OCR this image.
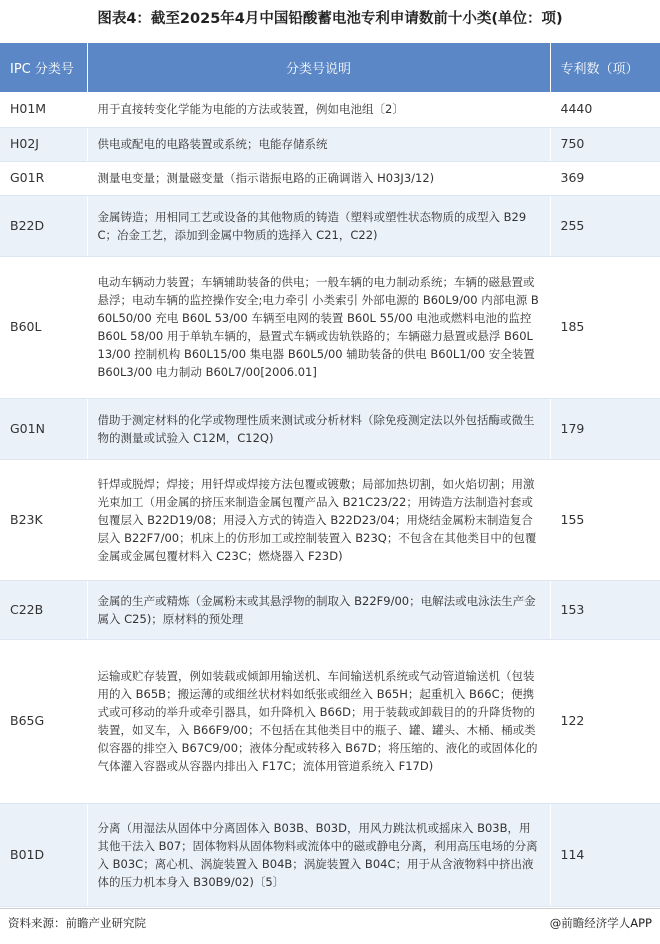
图表4：截至2025年4月中国铅酸蓄电池专利申请数前十小类(单位：项)
IPC 分类号	分类号说明	专利数（项）
H01M	用于直接转变化学能为电能的方法或装置，例如电池组〔2〕	4440
H02J	供电或配电的电路装置或系统；电能存储系统	750
G01R	测量电变量；测量磁变量（指示谐振电路的正确调谐入 H03J3/12)	369
B22D	金属铸造；用相同工艺或设备的其他物质的铸造（塑料或塑性状态物质的成型入 B29C；冶金工艺，添加到金属中物质的选择入 C21，C22)	255
B60L	电动车辆动力装置；车辆辅助装备的供电；一般车辆的电力制动系统；车辆的磁悬置或悬浮；电动车辆的监控操作安全;电力牵引 小类索引 外部电源的 B60L9/00 内部电源 B60L50/00 充电 B60L 53/00 车辆至电网的装置 B60L 55/00 电池或燃料电池的监控 B60L 58/00 用于单轨车辆的，悬置式车辆或齿轨铁路的；车辆磁力悬置或悬浮 B60L13/00 控制机构 B60L15/00 集电器 B60L5/00 辅助装备的供电 B60L1/00 安全装置 B60L3/00 电力制动 B60L7/00[2006.01]	185
G01N	借助于测定材料的化学或物理性质来测试或分析材料（除免疫测定法以外包括酶或微生物的测量或试验入 C12M，C12Q)	179
B23K	钎焊或脱焊；焊接；用钎焊或焊接方法包覆或镀敷；局部加热切割，如火焰切割；用激光束加工（用金属的挤压来制造金属包覆产品入 B21C23/22；用铸造方法制造衬套或包覆层入 B22D19/08；用浸入方式的铸造入 B22D23/04；用烧结金属粉末制造复合层入 B22F7/00；机床上的仿形加工或控制装置入 B23Q；不包含在其他类目中的包覆金属或金属包覆材料入 C23C；燃烧器入 F23D)	155
C22B	金属的生产或精炼（金属粉末或其悬浮物的制取入 B22F9/00；电解法或电泳法生产金属入 C25)；原材料的预处理	153
B65G	运输或贮存装置，例如装载或倾卸用输送机、车间输送机系统或气动管道输送机（包装用的入 B65B；搬运薄的或细丝状材料如纸张或细丝入 B65H；起重机入 B66C；便携式或可移动的举升或牵引器具，如升降机入 B66D；用于装载或卸载目的的升降货物的装置，如叉车，入 B66F9/00；不包括在其他类目中的瓶子、罐、罐头、木桶、桶或类似容器的排空入 B67C9/00；液体分配或转移入 B67D；将压缩的、液化的或固体化的气体灌入容器或从容器内排出入 F17C；流体用管道系统入 F17D)	122
B01D	分离（用湿法从固体中分离固体入 B03B、B03D，用风力跳汰机或摇床入 B03B，用其他干法入 B07；固体物料从固体物料或流体中的磁或静电分离，利用高压电场的分离入 B03C；离心机、涡旋装置入 B04B；涡旋装置入 B04C；用于从含液物料中挤出液体的压力机本身入 B30B9/02)〔5〕	114
资料来源：前瞻产业研究院	@前瞻经济学人APP
